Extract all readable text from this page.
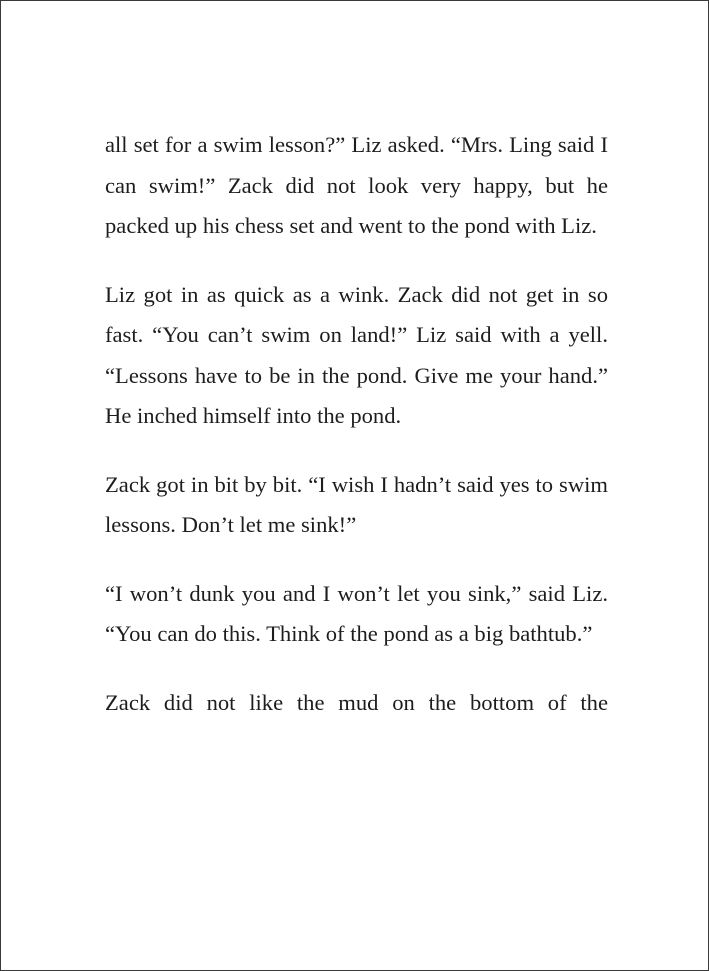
all set for a swim lesson?” Liz asked. “Mrs. Ling said I can swim!” Zack did not look very happy, but he packed up his chess set and went to the pond with Liz.

Liz got in as quick as a wink. Zack did not get in so fast. “You can’t swim on land!” Liz said with a yell. “Lessons have to be in the pond. Give me your hand.” He inched himself into the pond.

Zack got in bit by bit. “I wish I hadn’t said yes to swim lessons. Don’t let me sink!”

“I won’t dunk you and I won’t let you sink,” said Liz. “You can do this. Think of the pond as a big bathtub.”

Zack did not like the mud on the bottom of the
